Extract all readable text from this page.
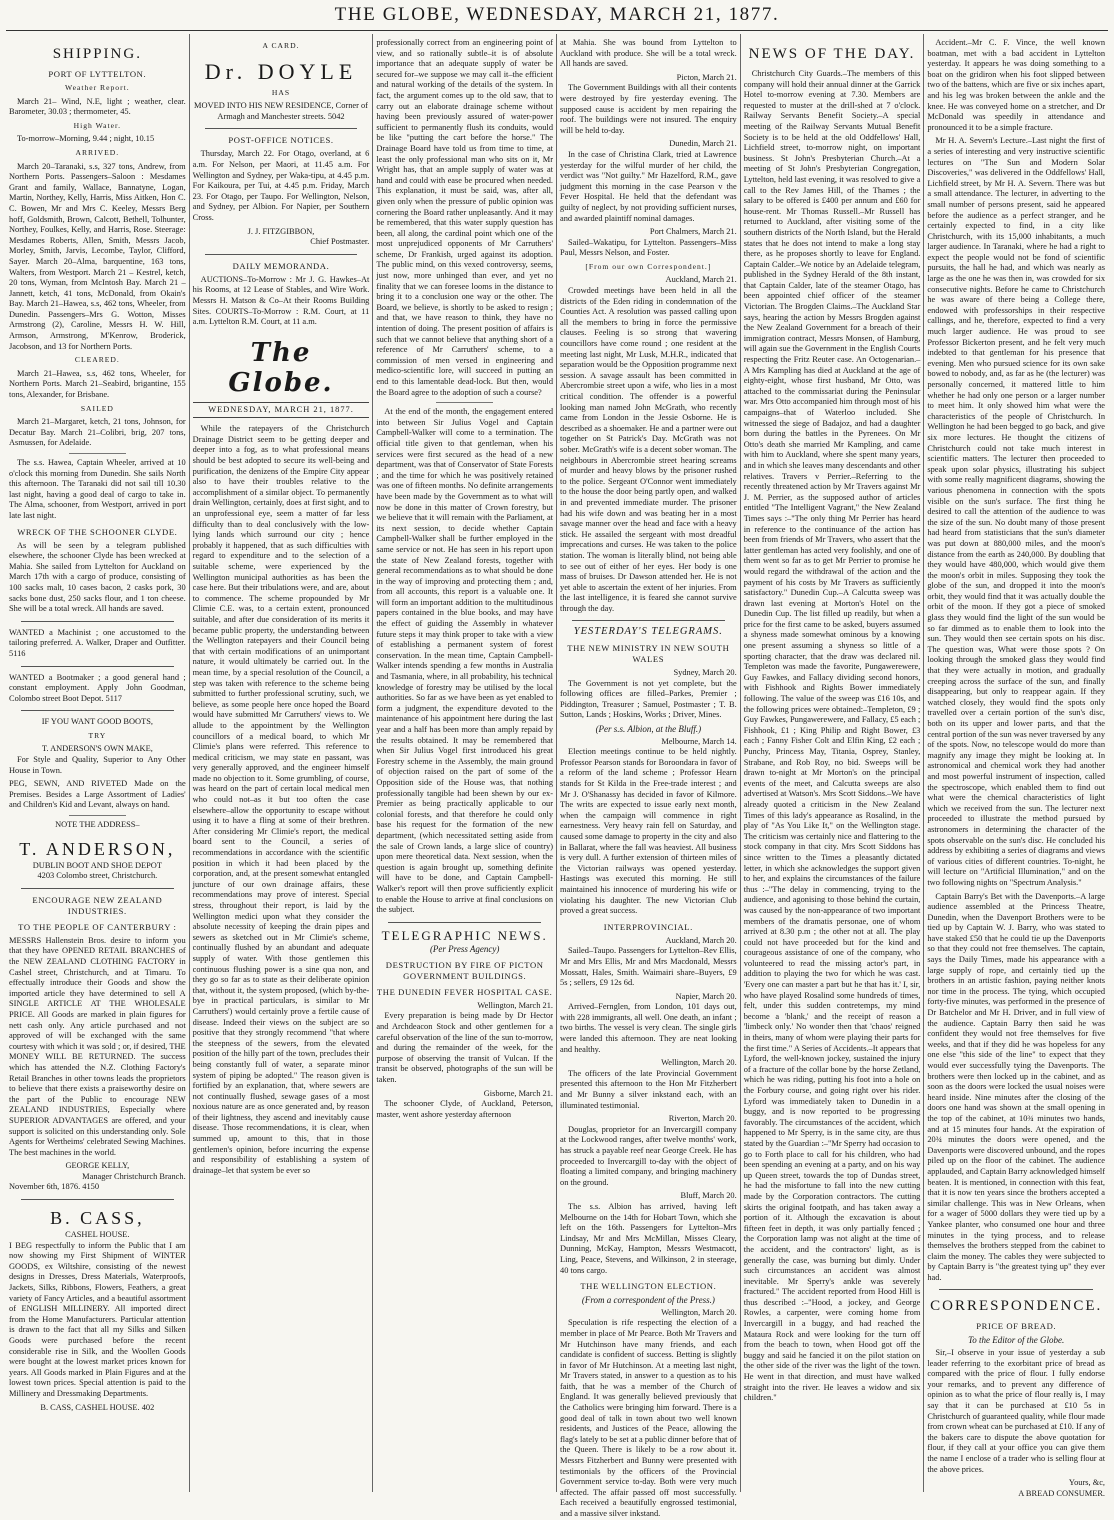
THE GLOBE, WEDNESDAY, MARCH 21, 1877.
SHIPPING.
PORT OF LYTTELTON.
Weather Report.

March 21– Wind, N.E, light ; weather, clear. Barometer, 30.03 ; thermometer, 45.

High Water.

To-morrow–Morning, 9.44 ; night, 10.15

ARRIVED.

March 20–Taranaki, s.s, 327 tons, Andrew, from Northern Ports. Passengers–Saloon : Mesdames Grant and family, Wallace, Bannatyne, Logan, Martin, Northey, Kelly, Harris, Miss Aitken, Hon C. C. Bowen, Mr and Mrs C. Keeley, Messrs Berg hoff, Goldsmith, Brown, Calcott, Bethell, Tolhunter, Northey, Foulkes, Kelly, and Harris, Rose. Steerage: Mesdames Roberts, Allen, Smith, Messrs Jacob, Morley, Smith, Jarvis, Lecombe, Taylor, Clifford, Sayer. March 20–Alma, barquentine, 163 tons, Walters, from Westport. March 21 – Kestrel, ketch, 20 tons, Wyman, from McIntosh Bay. March 21 – Jannett, ketch, 41 tons, McDonald, from Okain's Bay. March 21–Hawea, s.s, 462 tons, Wheeler, from Dunedin. Passengers–Mrs G. Wotton, Misses Armstrong (2), Caroline, Messrs H. W. Hill, Armson, Armstrong, M'Kenrow, Broderick, Jacobson, and 13 for Northern Ports.

CLEARED.

March 21–Hawea, s.s, 462 tons, Wheeler, for Northern Ports. March 21–Seabird, brigantine, 155 tons, Alexander, for Brisbane.

SAILED

March 21–Margaret, ketch, 21 tons, Johnson, for Decatur Bay. March 21–Colibri, brig, 207 tons, Asmussen, for Adelaide.

The s.s. Hawea, Captain Wheeler, arrived at 10 o'clock this morning from Dunedin. She sails North this afternoon. The Taranaki did not sail till 10.30 last night, having a good deal of cargo to take in. The Alma, schooner, from Westport, arrived in port late last night.

WRECK OF THE SCHOONER CLYDE.

As will be seen by a telegram published elsewhere, the schooner Clyde has been wrecked at Mahia. She sailed from Lyttelton for Auckland on March 17th with a cargo of produce, consisting of 100 sacks malt, 10 cases bacon, 2 casks pork, 30 sacks bone dust, 250 sacks flour, and 1 ton cheese. She will be a total wreck. All hands are saved.

WANTED a Machinist ; one accustomed to the tailoring preferred. A. Walker, Draper and Outfitter. 5116

WANTED a Bootmaker ; a good general hand ; constant employment. Apply John Goodman, Colombo street Boot Depot. 5117

IF YOU WANT GOOD BOOTS,
TRY
T. ANDERSON'S OWN MAKE,

For Style and Quality, Superior to Any Other House in Town.

PEG, SEWN, AND RIVETED Made on the Premises. Besides a Large Assortment of Ladies' and Children's Kid and Levant, always on hand.

NOTE THE ADDRESS–
T. ANDERSON,
DUBLIN BOOT AND SHOE DEPOT
4203 Colombo street, Christchurch.
ENCOURAGE NEW ZEALAND INDUSTRIES.
TO THE PEOPLE OF CANTERBURY :

MESSRS Hallenstein Bros. desire to inform you that they have OPENED RETAIL BRANCHES of the NEW ZEALAND CLOTHING FACTORY in Cashel street, Christchurch, and at Timaru. To effectually introduce their Goods and show the imported article they have determined to sell A SINGLE ARTICLE AT THE WHOLESALE PRICE. All Goods are marked in plain figures for nett cash only. Any article purchased and not approved of will be exchanged with the same courtesy with which it was sold ; or, if desired, THE MONEY WILL BE RETURNED. The success which has attended the N.Z. Clothing Factory's Retail Branches in other towns leads the proprietors to believe that there exists a praiseworthy desire on the part of the Public to encourage NEW ZEALAND INDUSTRIES, Especially where SUPERIOR ADVANTAGES are offered, and your support is solicited on this understanding only. Sole Agents for Wertheims' celebrated Sewing Machines. The best machines in the world.

GEORGE KELLY,
Manager Christchurch Branch.
November 6th, 1876. 4150
B. CASS,
CASHEL HOUSE.

I BEG respectfully to inform the Public that I am now showing my First Shipment of WINTER GOODS, ex Wiltshire, consisting of the newest designs in Dresses, Dress Materials, Waterproofs, Jackets, Silks, Ribbons, Flowers, Feathers, a great variety of Fancy Articles, and a beautiful assortment of ENGLISH MILLINERY. All imported direct from the Home Manufacturers. Particular attention is drawn to the fact that all my Silks and Silken Goods were purchased before the recent considerable rise in Silk, and the Woollen Goods were bought at the lowest market prices known for years. All Goods marked in Plain Figures and at the lowest town prices. Special attention is paid to the Millinery and Dressmaking Departments.

B. CASS, CASHEL HOUSE. 402
A CARD.
Dr. DOYLE
HAS
MOVED INTO HIS NEW RESIDENCE, Corner of Armagh and Manchester streets. 5042
POST-OFFICE NOTICES.

Thursday, March 22. For Otago, overland, at 6 a.m. For Nelson, per Maori, at 11.45 a.m. For Wellington and Sydney, per Waka-tipu, at 4.45 p.m. For Kaikoura, per Tui, at 4.45 p.m. Friday, March 23. For Otago, per Taupo. For Wellington, Nelson, and Sydney, per Albion. For Napier, per Southern Cross.

J. J. FITZGIBBON,
Chief Postmaster.
DAILY MEMORANDA.

AUCTIONS–To-Morrow : Mr J. G. Hawkes–At his Rooms, at 12 Lease of Stables, and Wire Work. Messrs H. Matson & Co–At their Rooms Building Sites. COURTS–To-Morrow : R.M. Court, at 11 a.m. Lyttelton R.M. Court, at 11 a.m.

The Globe.
WEDNESDAY, MARCH 21, 1877.

While the ratepayers of the Christchurch Drainage District seem to be getting deeper and deeper into a fog, as to what professional means should be best adopted to secure its well-being and purification, the denizens of the Empire City appear also to have their troubles relative to the accomplishment of a similar object. To permanently drain Wellington, certainly, does at first sight, and to an unprofessional eye, seem a matter of far less difficulty than to deal conclusively with the low-lying lands which surround our city ; hence probably it happened, that as such difficulties with regard to expenditure and to the selection of a suitable scheme, were experienced by the Wellington municipal authorities as has been the case here. But their tribulations were, and are, about to commence. The scheme propounded by Mr Climie C.E. was, to a certain extent, pronounced suitable, and after due consideration of its merits it became public property, the understanding between the Wellington ratepayers and their Council being that with certain modifications of an unimportant nature, it would ultimately be carried out. In the mean time, by a special resolution of the Council, a step was taken with reference to the scheme being submitted to further professional scrutiny, such, we believe, as some people here once hoped the Board would have submitted Mr Carruthers' views to. We allude to the appointment by the Wellington councillors of a medical board, to which Mr Climie's plans were referred. This reference to medical criticism, we may state en passant, was very generally approved, and the engineer himself made no objection to it. Some grumbling, of course, was heard on the part of certain local medical men who could not–as it but too often the case elsewhere–allow the opportunity to escape without using it to have a fling at some of their brethren. After considering Mr Climie's report, the medical board sent to the Council, a series of recommendations in accordance with the scientific position in which it had been placed by the corporation, and, at the present somewhat entangled juncture of our own drainage affairs, these recommendations may prove of interest. Special stress, throughout their report, is laid by the Wellington medici upon what they consider the absolute necessity of keeping the drain pipes and sewers as sketched out in Mr Climie's scheme, continually flushed by an abundant and adequate supply of water. With those gentlemen this continuous flushing power is a sine qua non, and they go so far as to state as their deliberate opinion that, without it, the system proposed, (which by-the-bye in practical particulars, is similar to Mr Carruthers') would certainly prove a fertile cause of disease. Indeed their views on the subject are so positive that they strongly recommend "that where the steepness of the sewers, from the elevated position of the hilly part of the town, precludes their being constantly full of water, a separate minor system of piping be adopted." The reason given is fortified by an explanation, that, where sewers are not continually flushed, sewage gases of a most noxious nature are as once generated and, by reason of their lightness, they ascend and inevitably cause disease. Those recommendations, it is clear, when summed up, amount to this, that in those gentlemen's opinion, before incurring the expense and responsibility of establishing a system of drainage–let that system be ever so

professionally correct from an engineering point of view, and so rationally subtle–it is of absolute importance that an adequate supply of water be secured for–we suppose we may call it–the efficient and natural working of the details of the system. In fact, the argument comes up to the old saw, that to carry out an elaborate drainage scheme without having been previously assured of water-power sufficient to permanently flush its conduits, would be like "putting the cart before the horse." The Drainage Board have told us from time to time, at least the only professional man who sits on it, Mr Wright has, that an ample supply of water was at hand and could with ease be procured when needed. This explanation, it must be said, was, after all, given only when the pressure of public opinion was cornering the Board rather unpleasantly. And it may be remembered, that this water supply question has been, all along, the cardinal point which one of the most unprejudiced opponents of Mr Carruthers' scheme, Dr Frankish, urged against its adoption. The public mind, on this vexed controversy, seems, just now, more unhinged than ever, and yet no finality that we can foresee looms in the distance to bring it to a conclusion one way or the other. The Board, we believe, is shortly to be asked to resign ; and that, we have reason to think, they have no intention of doing. The present position of affairs is such that we cannot believe that anything short of a reference of Mr Carruthers' scheme, to a commission of men versed in engineering and medico-scientific lore, will succeed in putting an end to this lamentable dead-lock. But then, would the Board agree to the adoption of such a course?

At the end of the month, the engagement entered into between Sir Julius Vogel and Captain Campbell-Walker will come to a termination. The official title given to that gentleman, when his services were first secured as the head of a new department, was that of Conservator of State Forests ; and the time for which he was positively retained was one of fifteen months. No definite arrangements have been made by the Government as to what will now be done in this matter of Crown forestry, but we believe that it will remain with the Parliament, at its next session, to decide whether Captain Campbell-Walker shall be further employed in the same service or not. He has seen in his report upon the state of New Zealand forests, together with general recommendations as to what should be done in the way of improving and protecting them ; and, from all accounts, this report is a valuable one. It will form an important addition to the multitudinous papers contained in the blue books, and may have the effect of guiding the Assembly in whatever future steps it may think proper to take with a view of establishing a permanent system of forest conservation. In the mean time, Captain Campbell-Walker intends spending a few months in Australia and Tasmania, where, in all probability, his technical knowledge of forestry may be utilised by the local authorities. So far as we have been as yet enabled to form a judgment, the expenditure devoted to the maintenance of his appointment here during the last year and a half has been more than amply repaid by the results obtained. It may be remembered that when Sir Julius Vogel first introduced his great Forestry scheme in the Assembly, the main ground of objection raised on the part of some of the Opposition side of the House was, that nothing professionally tangible had been shewn by our ex-Premier as being practically applicable to our colonial forests, and that therefore he could only base his request for the formation of the new department, (which necessitated setting aside from the sale of Crown lands, a large slice of country) upon mere theoretical data. Next session, when the question is again brought up, something definite will have to be done, and Captain Campbell-Walker's report will then prove sufficiently explicit to enable the House to arrive at final conclusions on the subject.

TELEGRAPHIC NEWS.
(Per Press Agency)
DESTRUCTION BY FIRE OF PICTON GOVERNMENT BUILDINGS.
THE DUNEDIN FEVER HOSPITAL CASE.
Wellington, March 21.

Every preparation is being made by Dr Hector and Archdeacon Stock and other gentlemen for a careful observation of the line of the sun to-morrow, and during the remainder of the week, for the purpose of observing the transit of Vulcan. If the transit be observed, photographs of the sun will be taken.

Gisborne, March 21.

The schooner Clyde, of Auckland, Peterson, master, went ashore yesterday afternoon

at Mahia. She was bound from Lyttelton to Auckland with produce. She will be a total wreck. All hands are saved.

Picton, March 21.

The Government Buildings with all their contents were destroyed by fire yesterday evening. The supposed cause is accident by men repairing the roof. The buildings were not insured. The enquiry will be held to-day.

Dunedin, March 21.

In the case of Christina Clark, tried at Lawrence yesterday for the wilful murder of her child, the verdict was "Not guilty." Mr Hazelford, R.M., gave judgment this morning in the case Pearson v the Fever Hospital. He held that the defendant was guilty of neglect, by not providing sufficient nurses, and awarded plaintiff nominal damages.

Port Chalmers, March 21.

Sailed–Wakatipu, for Lyttelton. Passengers–Miss Paul, Messrs Nelson, and Foster.

[From our own Correspondent.]
Auckland, March 21.

Crowded meetings have been held in all the districts of the Eden riding in condemnation of the Counties Act. A resolution was passed calling upon all the members to bring in force the permissive clauses. Feeling is so strong that wavering councillors have come round ; one resident at the meeting last night, Mr Lusk, M.H.R., indicated that separation would be the Opposition programme next session. A savage assault has been committed in Abercrombie street upon a wife, who lies in a most critical condition. The offender is a powerful looking man named John McGrath, who recently came from London in the Jessie Osborne. He is described as a shoemaker. He and a partner were out together on St Patrick's Day. McGrath was not sober. McGrath's wife is a decent sober woman. The neighbours in Abercrombie street hearing screams of murder and heavy blows by the prisoner rushed to the police. Sergeant O'Connor went immediately to the house the door being partly open, and walked in and prevented immediate murder. The prisoner had his wife down and was beating her in a most savage manner over the head and face with a heavy stick. He assailed the sergeant with most dreadful imprecations and curses. He was taken to the police station. The woman is literally blind, not being able to see out of either of her eyes. Her body is one mass of bruises. Dr Dawson attended her. He is not yet able to ascertain the extent of her injuries. From the last intelligence, it is feared she cannot survive through the day.

YESTERDAY'S TELEGRAMS.
THE NEW MINISTRY IN NEW SOUTH WALES
Sydney, March 20.

The Government is not yet complete, but the following offices are filled–Parkes, Premier ; Piddington, Treasurer ; Samuel, Postmaster ; T. B. Sutton, Lands ; Hoskins, Works ; Driver, Mines.

(Per s.s. Albion, at the Bluff.)
Melbourne, March 14.

Election meetings continue to be held nightly. Professor Pearson stands for Boroondara in favor of a reform of the land scheme ; Professor Hearn stands for St Kilda in the Free-trade interest ; and Mr J. O'Shanassy has decided in favor of Kilmore. The writs are expected to issue early next month, when the campaign will commence in right earnestness. Very heavy rain fell on Saturday, and caused some damage to property in the city and also in Ballarat, where the fall was heaviest. All business is very dull. A further extension of thirteen miles of the Victorian railways was opened yesterday. Hastings was executed this morning. He still maintained his innocence of murdering his wife or violating his daughter. The new Victorian Club proved a great success.

INTERPROVINCIAL.
Auckland, March 20.

Sailed–Taupo. Passengers for Lyttelton–Rev Ellis, Mr and Mrs Ellis, Mr and Mrs Macdonald, Messrs Mossatt, Hales, Smith. Waimairi share–Buyers, £9 5s ; sellers, £9 12s 6d.

Napier, March 20.

Arrived–Fernglen, from London, 101 days out, with 228 immigrants, all well. One death, an infant ; two births. The vessel is very clean. The single girls were landed this afternoon. They are neat looking and healthy.

Wellington, March 20.

The officers of the late Provincial Government presented this afternoon to the Hon Mr Fitzherbert and Mr Bunny a silver inkstand each, with an illuminated testimonial.

Riverton, March 20.

Douglas, proprietor for an Invercargill company at the Lockwood ranges, after twelve months' work, has struck a payable reef near George Creek. He has proceeded to Invercargill to-day with the object of floating a limited company, and bringing machinery on the ground.

Bluff, March 20.

The s.s. Albion has arrived, having left Melbourne on the 14th for Hobart Town, which she left on the 16th. Passengers for Lyttelton–Mrs Lindsay, Mr and Mrs McMillan, Misses Cleary, Dunning, McKay, Hampton, Messrs Westmacott, Ling, Peace, Stevens, and Wilkinson, 2 in steerage, 40 tons cargo.

THE WELLINGTON ELECTION.
(From a correspondent of the Press.)
Wellington, March 20.

Speculation is rife respecting the election of a member in place of Mr Pearce. Both Mr Travers and Mr Hutchinson have many friends, and each candidate is confident of success. Betting is slightly in favor of Mr Hutchinson. At a meeting last night, Mr Travers stated, in answer to a question as to his faith, that he was a member of the Church of England. It was generally believed previously that the Catholics were bringing him forward. There is a good deal of talk in town about two well known residents, and Justices of the Peace, allowing the flag's lately to be set at a public dinner before that of the Queen. There is likely to be a row about it. Messrs Fitzherbert and Bunny were presented with testimonials by the officers of the Provincial Government service to-day. Both were very much affected. The affair passed off most successfully. Each received a beautifully engrossed testimonial, and a massive silver inkstand.

NEWS OF THE DAY.

Christchurch City Guards.–The members of this company will hold their annual dinner at the Garrick Hotel to-morrow evening at 7.30. Members are requested to muster at the drill-shed at 7 o'clock. Railway Servants Benefit Society.–A special meeting of the Railway Servants Mutual Benefit Society is to be held at the old Oddfellows' Hall, Lichfield street, to-morrow night, on important business. St John's Presbyterian Church.–At a meeting of St John's Presbyterian Congregation, Lyttelton, held last evening, it was resolved to give a call to the Rev James Hill, of the Thames ; the salary to be offered is £400 per annum and £60 for house-rent. Mr Thomas Russell.–Mr Russell has returned to Auckland, after visiting some of the southern districts of the North Island, but the Herald states that he does not intend to make a long stay there, as he proposes shortly to leave for England. Captain Calder.–We notice by an Adelaide telegram, published in the Sydney Herald of the 8th instant, that Captain Calder, late of the steamer Otago, has been appointed chief officer of the steamer Victorian. The Brogden Claims.–The Auckland Star says, hearing the action by Messrs Brogden against the New Zealand Government for a breach of their immigration contract, Messrs Monsen, of Hamburg, will again sue the Government in the English Courts respecting the Fritz Reuter case. An Octogenarian.–A Mrs Kampling has died at Auckland at the age of eighty-eight, whose first husband, Mr Otto, was attached to the commissariat during the Peninsular war. Mrs Otto accompanied him through most of his campaigns–that of Waterloo included. She witnessed the siege of Badajoz, and had a daughter born during the battles in the Pyrenees. On Mr Otto's death she married Mr Kampling, and came with him to Auckland, where she spent many years, and in which she leaves many descendants and other relatives. Travers v Perrier.–Referring to the recently threatened action by Mr Travers against Mr J. M. Perrier, as the supposed author of articles entitled "The Intelligent Vagrant," the New Zealand Times says :–"The only thing Mr Perrier has heard in reference to the continuance of the action has been from friends of Mr Travers, who assert that the latter gentleman has acted very foolishly, and one of them went so far as to get Mr Perrier to promise he would regard the withdrawal of the action and the payment of his costs by Mr Travers as sufficiently satisfactory." Dunedin Cup.–A Calcutta sweep was drawn last evening at Morton's Hotel on the Dunedin Cup. The list filled up readily, but when a price for the first came to be asked, buyers assumed a shyness made somewhat ominous by a knowing one present assuming a shyness so little of a sporting character, that the draw was declared nil. Templeton was made the favorite, Pungawerewere, Guy Fawkes, and Fallacy dividing second honors, with Fishhook and Rights Bower immediately following. The value of the sweep was £16 10s, and the following prices were obtained:–Templeton, £9 ; Guy Fawkes, Pungawerewere, and Fallacy, £5 each ; Fishhook, £1 ; King Philip and Right Bower, £3 each ; Fanny Fisher Colt and Elfin King, £2 each ; Punchy, Princess May, Titania, Osprey, Stanley, Strabane, and Rob Roy, no bid. Sweeps will be drawn to-night at Mr Morton's on the principal events of the meet, and Calcutta sweeps are also advertised at Watson's. Mrs Scott Siddons.–We have already quoted a criticism in the New Zealand Times of this lady's appearance as Rosalind, in the play of "As You Like It," on the Wellington stage. The criticism was certainly nice and flattering to the stock company in that city. Mrs Scott Siddons has since written to the Times a pleasantly dictated letter, in which she acknowledges the support given to her, and explains the circumstances of the failure thus :–"The delay in commencing, trying to the audience, and agonising to those behind the curtain, was caused by the non-appearance of two important members of the dramatis personae, one of whom arrived at 8.30 p.m ; the other not at all. The play could not have proceeded but for the kind and courageous assistance of one of the company, who volunteered to read the missing actor's part, in addition to playing the two for which he was cast. 'Every one can master a part but he that has it.' I, sir, who have played Rosalind some hundreds of times, felt, under this sudden contretemps, my mind become a 'blank,' and the receipt of reason a 'limbeck only.' No wonder then that 'chaos' reigned in theirs, many of whom were playing their parts for the first time." A Series of Accidents.–It appears that Lyford, the well-known jockey, sustained the injury of a fracture of the collar bone by the horse Zetland, which he was riding, putting his foot into a hole on the Forbury course, and going right over his rider. Lyford was immediately taken to Dunedin in a buggy, and is now reported to be progressing favorably. The circumstances of the accident, which happened to Mr Sperry, is in the same city, are thus stated by the Guardian :–"Mr Sperry had occasion to go to Forth place to call for his children, who had been spending an evening at a party, and on his way up Queen street, towards the top of Dundas street, he had the misfortune to fall into the new cutting made by the Corporation contractors. The cutting skirts the original footpath, and has taken away a portion of it. Although the excavation is about fifteen feet in depth, it was only partially fenced ; the Corporation lamp was not alight at the time of the accident, and the contractors' light, as is generally the case, was burning but dimly. Under such circumstances an accident was almost inevitable. Mr Sperry's ankle was severely fractured." The accident reported from Hood Hill is thus described :–"Hood, a jockey, and George Rowles, a carpenter, were coming home from Invercargill in a buggy, and had reached the Mataura Rock and were looking for the turn off from the beach to town, when Hood got off the buggy and said he fancied it on the pilot station on the other side of the river was the light of the town. He went in that direction, and must have walked straight into the river. He leaves a widow and six children."

Accident.–Mr C. F. Vince, the well known boatman, met with a bad accident in Lyttelton yesterday. It appears he was doing something to a boat on the gridiron when his foot slipped between two of the battens, which are five or six inches apart, and his leg was broken between the ankle and the knee. He was conveyed home on a stretcher, and Dr McDonald was speedily in attendance and pronounced it to be a simple fracture.

Mr H. A. Severn's Lecture.–Last night the first of a series of interesting and very instructive scientific lectures on "The Sun and Modern Solar Discoveries," was delivered in the Oddfellows' Hall, Lichfield street, by Mr H. A. Severn. There was but a small attendance. The lecturer, in adverting to the small number of persons present, said he appeared before the audience as a perfect stranger, and he certainly expected to find, in a city like Christchurch, with its 15,000 inhabitants, a much larger audience. In Taranaki, where he had a right to expect the people would not be fond of scientific pursuits, the hall he had, and which was nearly as large as the one he was then in, was crowded for six consecutive nights. Before he came to Christchurch he was aware of there being a College there, endowed with professorships in their respective callings, and he, therefore, expected to find a very much larger audience. He was proud to see Professor Bickerton present, and he felt very much indebted to that gentleman for his presence that evening. Men who pursued science for its own sake bowed to nobody, and, as far as he (the lecturer) was personally concerned, it mattered little to him whether he had only one person or a larger number to meet him. It only showed him what were the characteristics of the people of Christchurch. In Wellington he had been begged to go back, and give six more lectures. He thought the citizens of Christchurch could not take much interest in scientific matters. The lecturer then proceeded to speak upon solar physics, illustrating his subject with some really magnificent diagrams, showing the various phenomena in connection with the spots visible on the sun's surface. The first thing he desired to call the attention of the audience to was the size of the sun. No doubt many of those present had heard from statisticians that the sun's diameter was put down at 880,000 miles, and the moon's distance from the earth as 240,000. By doubling that they would have 480,000, which would give them the moon's orbit in miles. Supposing they took the globe of the sun, and dropped it into the moon's orbit, they would find that it was actually double the orbit of the moon. If they got a piece of smoked glass they would find the light of the sun would be so far dimmed as to enable them to look into the sun. They would then see certain spots on his disc. The question was, What were those spots ? On looking through the smoked glass they would find that they were actually in motion, and gradually creeping across the surface of the sun, and finally disappearing, but only to reappear again. If they watched closely, they would find the spots only travelled over a certain portion of the sun's disc, both on its upper and lower parts, and that the central portion of the sun was never traversed by any of the spots. Now, no telescope would do more than magnify any image they might be looking at. In astronomical and chemical work they had another and most powerful instrument of inspection, called the spectroscope, which enabled them to find out what were the chemical characteristics of light which we received from the sun. The lecturer next proceeded to illustrate the method pursued by astronomers in determining the character of the spots observable on the sun's disc. He concluded his address by exhibiting a series of diagrams and views of various cities of different countries. To-night, he will lecture on "Artificial Illumination," and on the two following nights on "Spectrum Analysis."

Captain Barry's Bet with the Davenports.–A large audience assembled at the Princess Theatre, Dunedin, when the Davenport Brothers were to be tied up by Captain W. J. Barry, who was stated to have staked £50 that he could tie up the Davenports so that they could not free themselves. The captain, says the Daily Times, made his appearance with a large supply of rope, and certainly tied up the brothers in an artistic fashion, paying neither knots nor time in the process. The tying, which occupied forty-five minutes, was performed in the presence of Dr Batchelor and Mr H. Driver, and in full view of the audience. Captain Barry then said he was confident they would not free themselves for five weeks, and that if they did he was hopeless for any one else "this side of the line" to expect that they would ever successfully tying the Davenports. The brothers were then locked up in the cabinet, and as soon as the doors were locked the usual noises were heard inside. Nine minutes after the closing of the doors one hand was shown at the small opening in the top of the cabinet, at 10¾ minutes two hands, and at 15 minutes four hands. At the expiration of 20¾ minutes the doors were opened, and the Davenports were discovered unbound, and the ropes piled up on the floor of the cabinet. The audience applauded, and Captain Barry acknowledged himself beaten. It is mentioned, in connection with this feat, that it is now ten years since the brothers accepted a similar challenge. This was in New Orleans, when for a wager of 5000 dollars they were tied up by a Yankee planter, who consumed one hour and three minutes in the tying process, and to release themselves the brothers stepped from the cabinet to claim the money. The cables they were subjected to by Captain Barry is "the greatest tying up" they ever had.

CORRESPONDENCE.
PRICE OF BREAD.
To the Editor of the Globe.

Sir,–I observe in your issue of yesterday a sub leader referring to the exorbitant price of bread as compared with the price of flour. I fully endorse your remarks, and to prevent any difference of opinion as to what the price of flour really is, I may say that it can be purchased at £10 5s in Christchurch of guaranteed quality, while flour made from crown wheat can be purchased at £10. If any of the bakers care to dispute the above quotation for flour, if they call at your office you can give them the name I enclose of a trader who is selling flour at the above prices.

Yours, &c,
A BREAD CONSUMER.
